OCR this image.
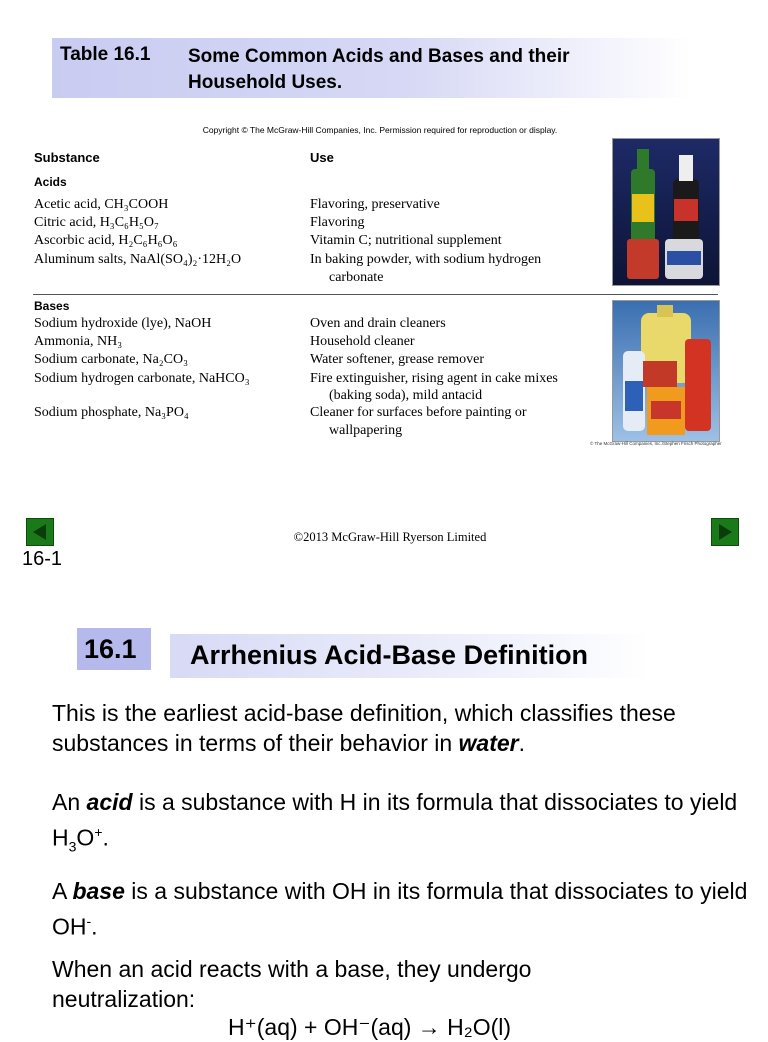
Table 16.1 Some Common Acids and Bases and their
Household Uses.
Copyright © The McGraw-Hill Companies, Inc. Permission required for reproduction or display.
Substance	Use
Acids
Acetic acid, CH₃COOH	Flavoring, preservative
Citric acid, H₃C₆H₅O₇	Flavoring
Ascorbic acid, H₂C₆H₆O₆	Vitamin C; nutritional supplement
Aluminum salts, NaAl(SO₄)₂·12H₂O	In baking powder, with sodium hydrogen
carbonate
Bases
Sodium hydroxide (lye), NaOH	Oven and drain cleaners
Ammonia, NH₃	Household cleaner
Sodium carbonate, Na₂CO₃	Water softener, grease remover
Sodium hydrogen carbonate, NaHCO₃	Fire extinguisher, rising agent in cake mixes
(baking soda), mild antacid
Sodium phosphate, Na₃PO₄	Cleaner for surfaces before painting or
wallpapering
© The McGraw-Hill Companies, Inc./Stephen Frisch Photographer
©2013 McGraw-Hill Ryerson Limited
16-1
16.1 Arrhenius Acid-Base Definition
This is the earliest acid-base definition, which classifies these substances in terms of their behavior in water.
An acid is a substance with H in its formula that dissociates to yield $H_3O^+$.
A base is a substance with OH in its formula that dissociates to yield OH-.
When an acid reacts with a base, they undergo neutralization:
H⁺(aq) + OH⁻(aq) → H₂O(l)
